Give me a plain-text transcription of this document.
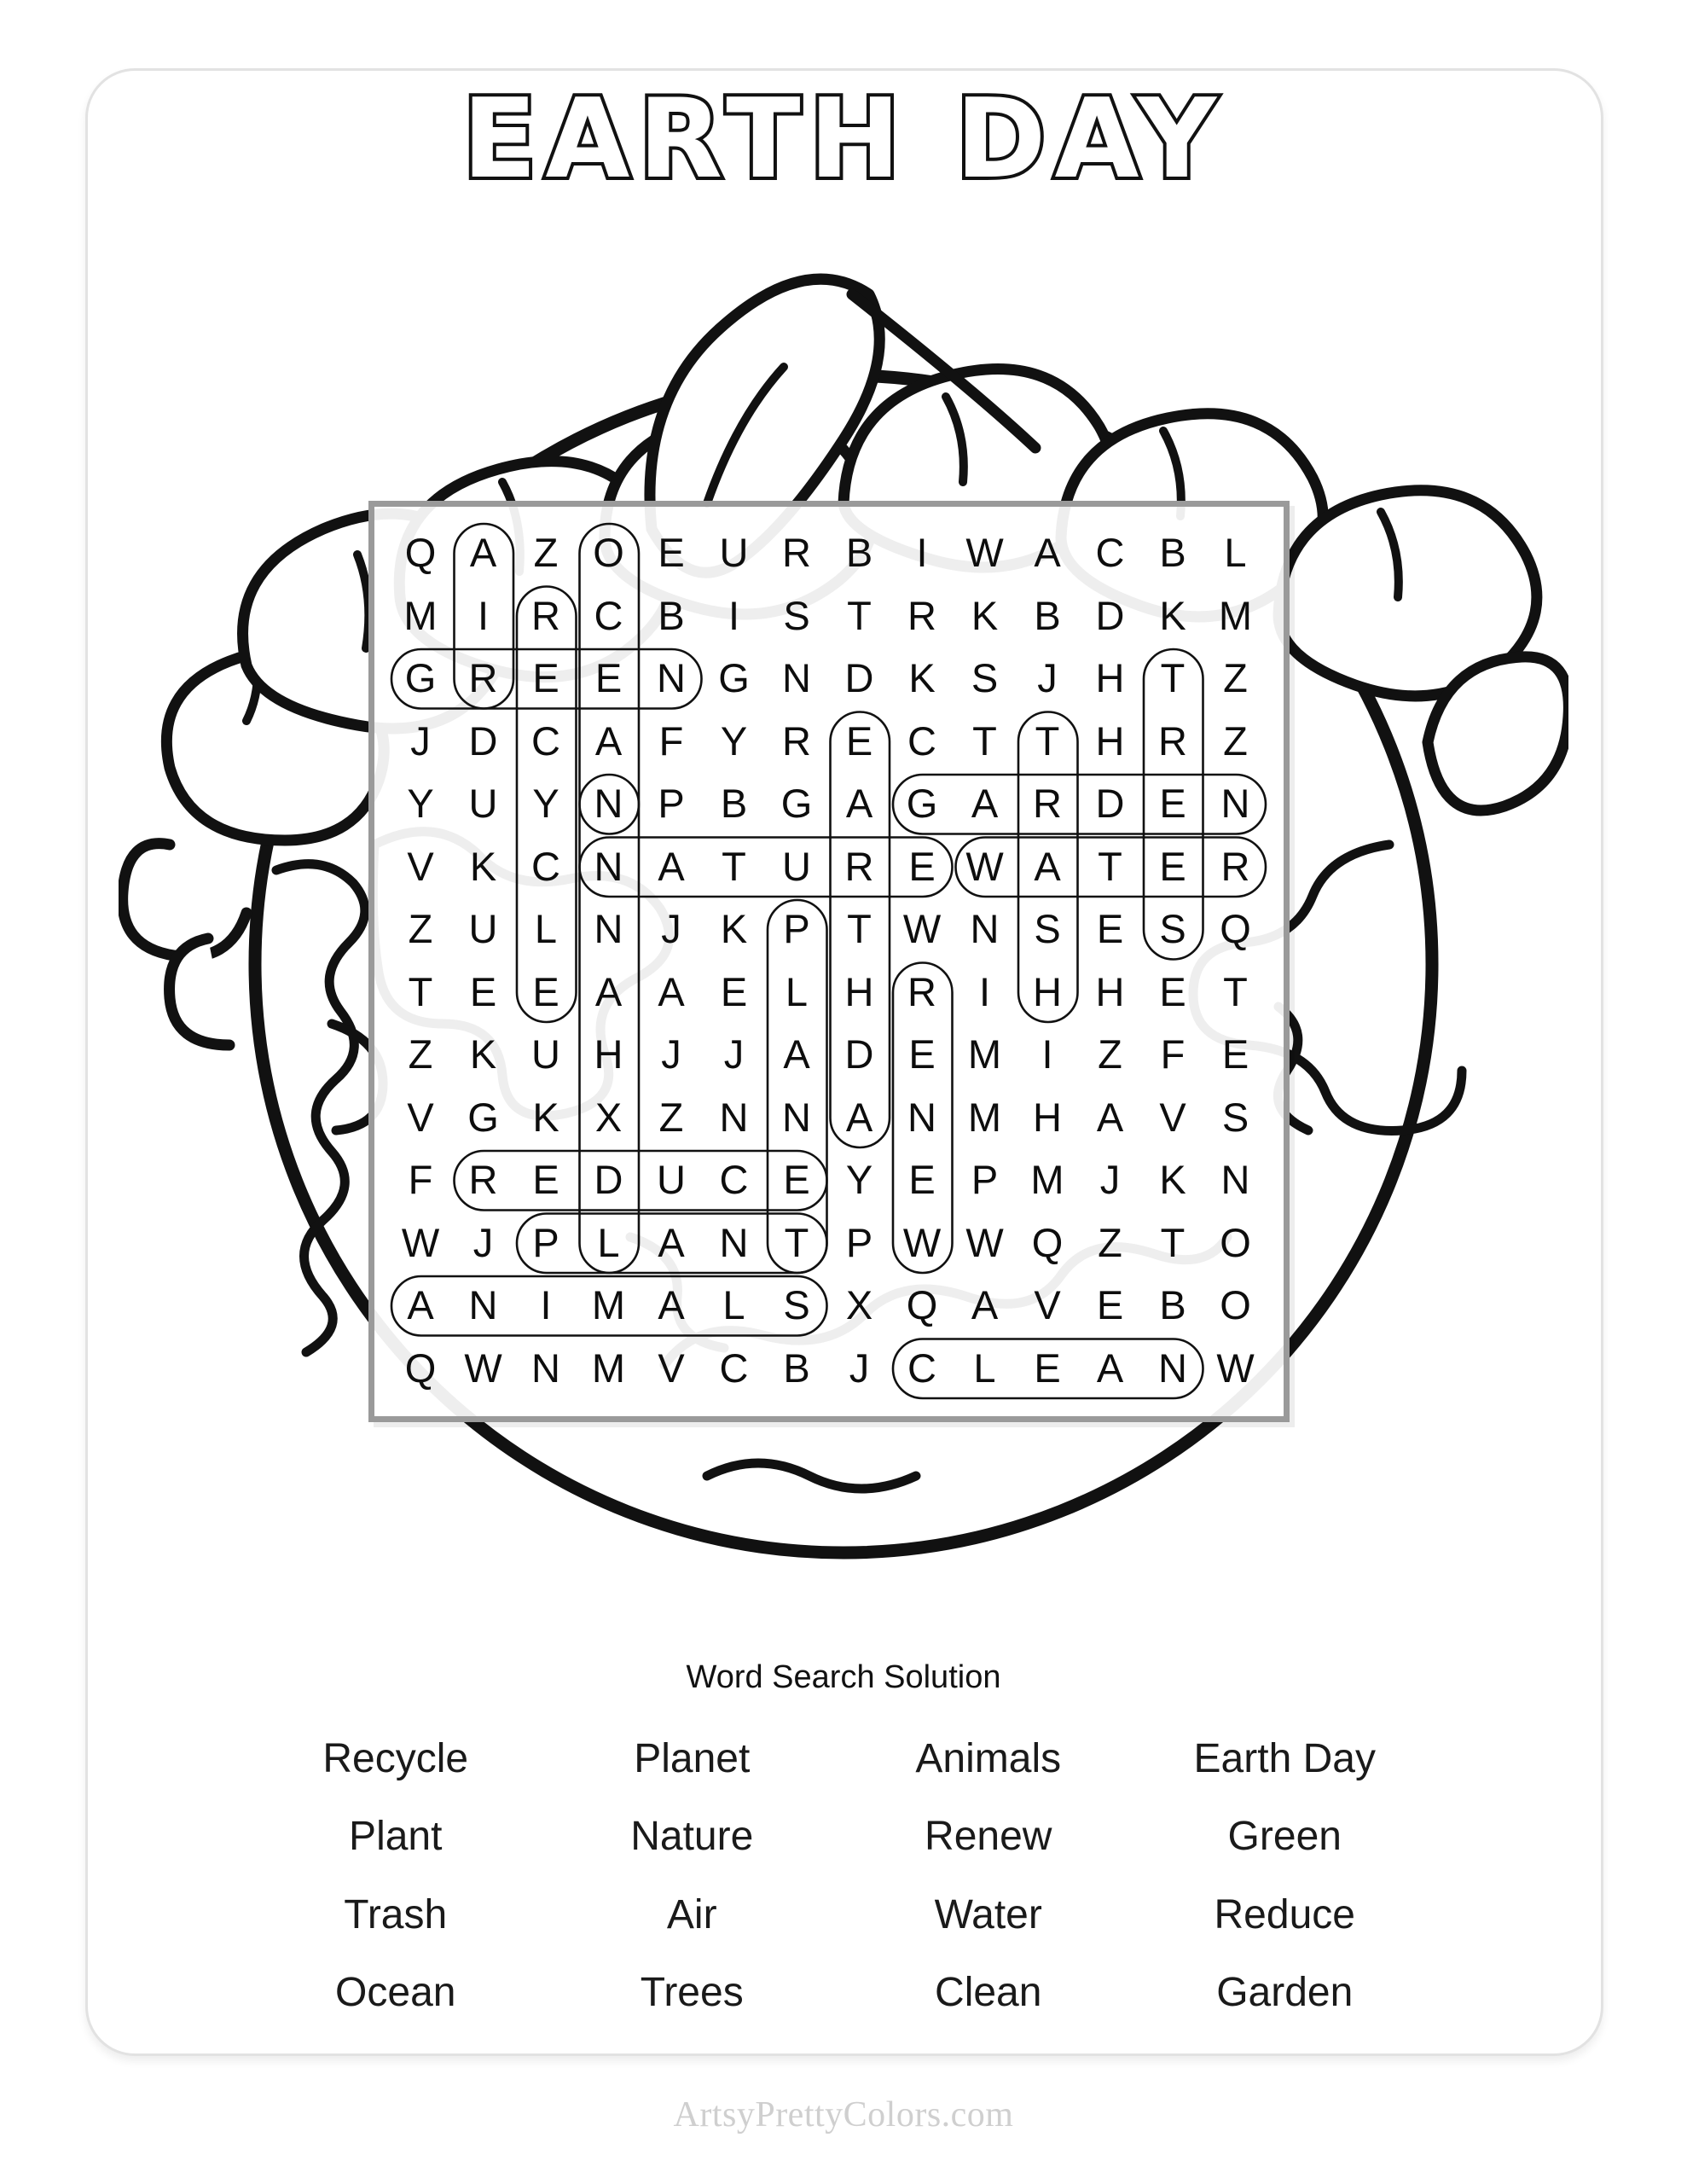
EARTH DAY
Q A Z O E U R B	I W A C B L
M	I	R C B	I	S T R K B D K M
G R E E N G N D K S J H T Z
J D C A F Y R E C T T H R Z
Y U Y N P B G A G A R D E N
V K C N A T U R E W A T E R
Z U L N J K P T W N S E S Q
T E E A A E L H R	I	H H E T
Z K U H J	J A D E M	I	Z F E
V G K X Z N N A N M H A V S
F R E D U C E Y E P M J K N
W J P L A N T P W W Q Z T O
A N	I	M A L S X Q A V E B O
Q W N M V C B J C L E A N W
Word Search Solution
Recycle	Planet	Animals	Earth Day
Plant	Nature	Renew	Green
Trash	Air	Water	Reduce
Ocean	Trees	Clean	Garden
ArtsyPrettyColors.com
